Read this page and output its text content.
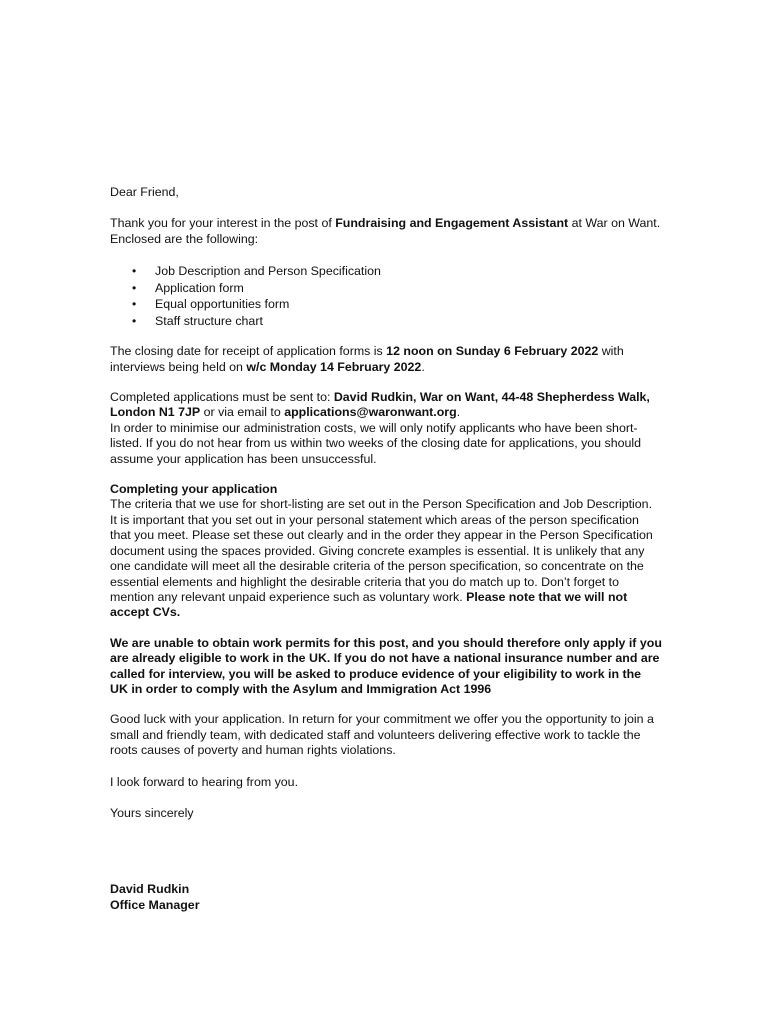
Dear Friend,

Thank you for your interest in the post of Fundraising and Engagement Assistant at War on Want. Enclosed are the following:

• Job Description and Person Specification
• Application form
• Equal opportunities form
• Staff structure chart

The closing date for receipt of application forms is 12 noon on Sunday 6 February 2022 with interviews being held on w/c Monday 14 February 2022.

Completed applications must be sent to: David Rudkin, War on Want, 44-48 Shepherdess Walk, London N1 7JP or via email to applications@waronwant.org.

In order to minimise our administration costs, we will only notify applicants who have been short-listed. If you do not hear from us within two weeks of the closing date for applications, you should assume your application has been unsuccessful.

Completing your application

The criteria that we use for short-listing are set out in the Person Specification and Job Description. It is important that you set out in your personal statement which areas of the person specification that you meet. Please set these out clearly and in the order they appear in the Person Specification document using the spaces provided. Giving concrete examples is essential. It is unlikely that any one candidate will meet all the desirable criteria of the person specification, so concentrate on the essential elements and highlight the desirable criteria that you do match up to. Don’t forget to mention any relevant unpaid experience such as voluntary work. Please note that we will not accept CVs.

We are unable to obtain work permits for this post, and you should therefore only apply if you are already eligible to work in the UK. If you do not have a national insurance number and are called for interview, you will be asked to produce evidence of your eligibility to work in the UK in order to comply with the Asylum and Immigration Act 1996

Good luck with your application. In return for your commitment we offer you the opportunity to join a small and friendly team, with dedicated staff and volunteers delivering effective work to tackle the roots causes of poverty and human rights violations.

I look forward to hearing from you.

Yours sincerely

David Rudkin

Office Manager
